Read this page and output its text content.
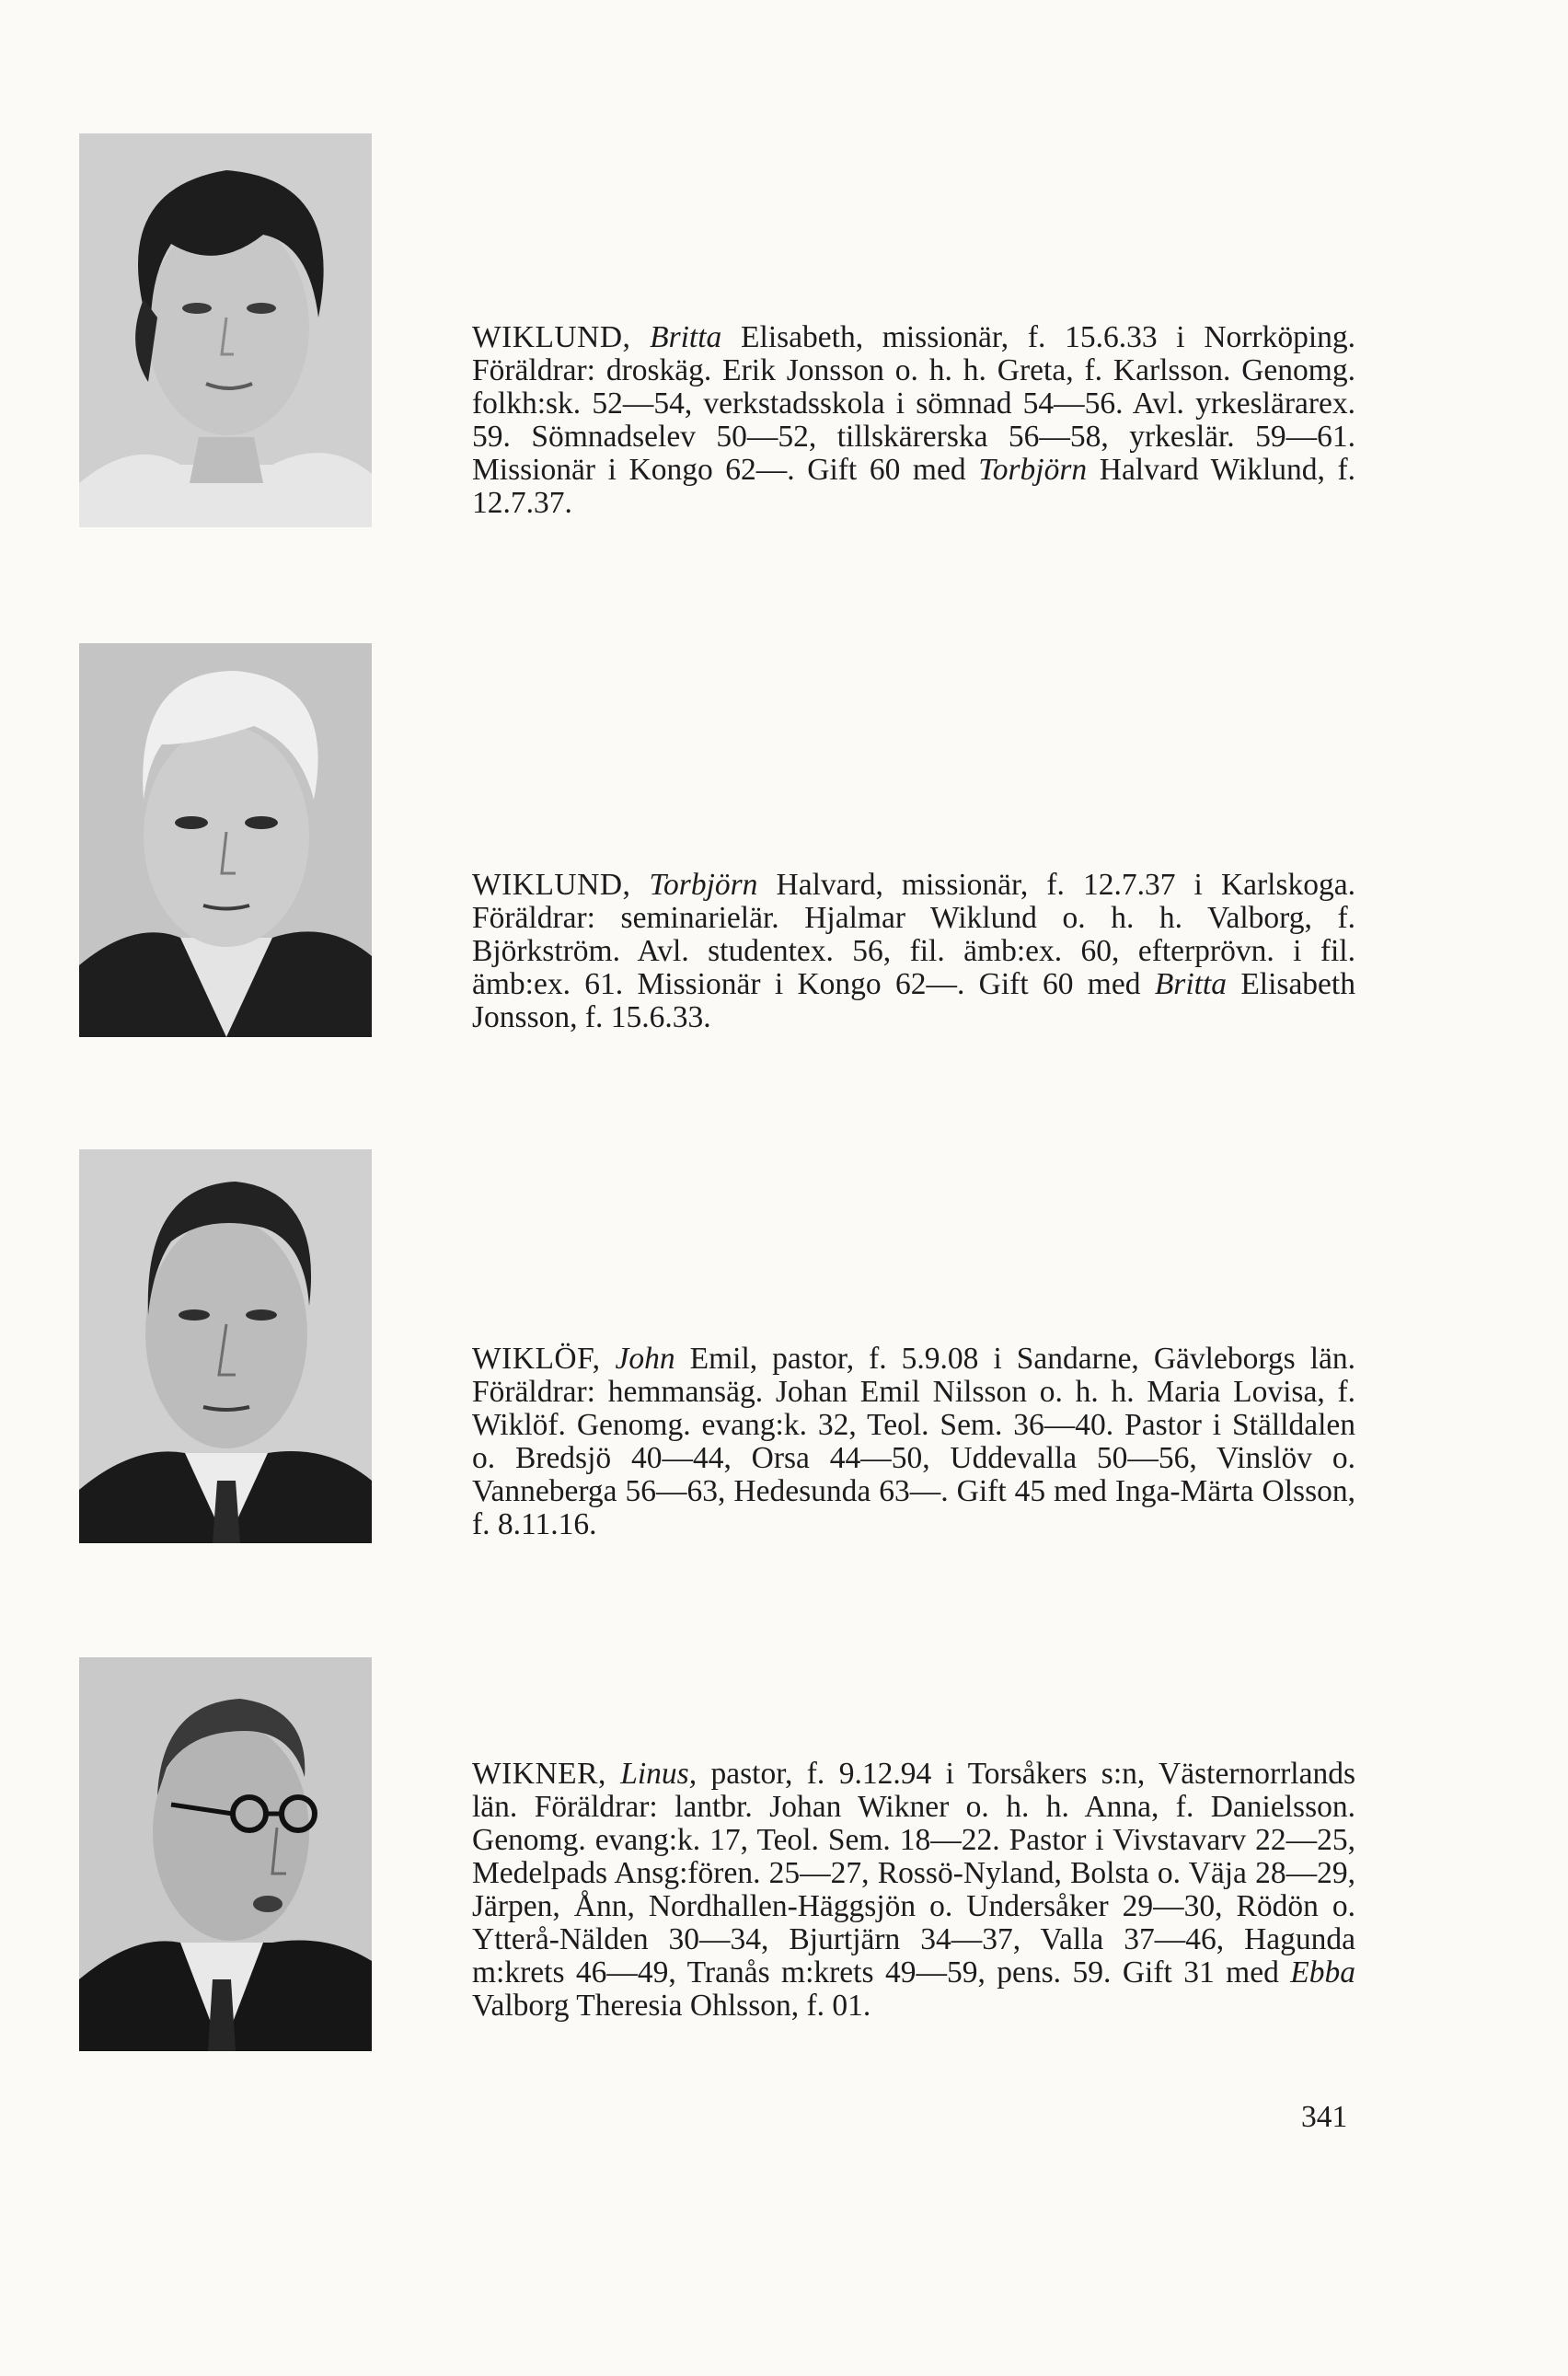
WIKLUND, Britta Elisabeth, missionär, f. 15.6.33 i Norrköping. Föräldrar: droskäg. Erik Jonsson o. h. h. Greta, f. Karlsson. Genomg. folkh:sk. 52—54, verkstadsskola i sömnad 54—56. Avl. yrkeslärarex. 59. Sömnadselev 50—52, tillskärerska 56—58, yrkeslär. 59—61. Missionär i Kongo 62—. Gift 60 med Torbjörn Halvard Wiklund, f. 12.7.37.

WIKLUND, Torbjörn Halvard, missionär, f. 12.7.37 i Karlskoga. Föräldrar: seminarielär. Hjalmar Wiklund o. h. h. Valborg, f. Björkström. Avl. studentex. 56, fil. ämb:ex. 60, efterprövn. i fil. ämb:ex. 61. Missionär i Kongo 62—. Gift 60 med Britta Elisabeth Jonsson, f. 15.6.33.

WIKLÖF, John Emil, pastor, f. 5.9.08 i Sandarne, Gävleborgs län. Föräldrar: hemmansäg. Johan Emil Nilsson o. h. h. Maria Lovisa, f. Wiklöf. Genomg. evang:k. 32, Teol. Sem. 36—40. Pastor i Ställdalen o. Bredsjö 40—44, Orsa 44—50, Uddevalla 50—56, Vinslöv o. Vanneberga 56—63, Hedesunda 63—. Gift 45 med Inga-Märta Olsson, f. 8.11.16.

WIKNER, Linus, pastor, f. 9.12.94 i Torsåkers s:n, Västernorrlands län. Föräldrar: lantbr. Johan Wikner o. h. h. Anna, f. Danielsson. Genomg. evang:k. 17, Teol. Sem. 18—22. Pastor i Vivstavarv 22—25, Medelpads Ansg:fören. 25—27, Rossö-Nyland, Bolsta o. Väja 28—29, Järpen, Ånn, Nordhallen-Häggsjön o. Undersåker 29—30, Rödön o. Ytterå-Nälden 30—34, Bjurtjärn 34—37, Valla 37—46, Hagunda m:krets 46—49, Tranås m:krets 49—59, pens. 59. Gift 31 med Ebba Valborg Theresia Ohlsson, f. 01.

341
